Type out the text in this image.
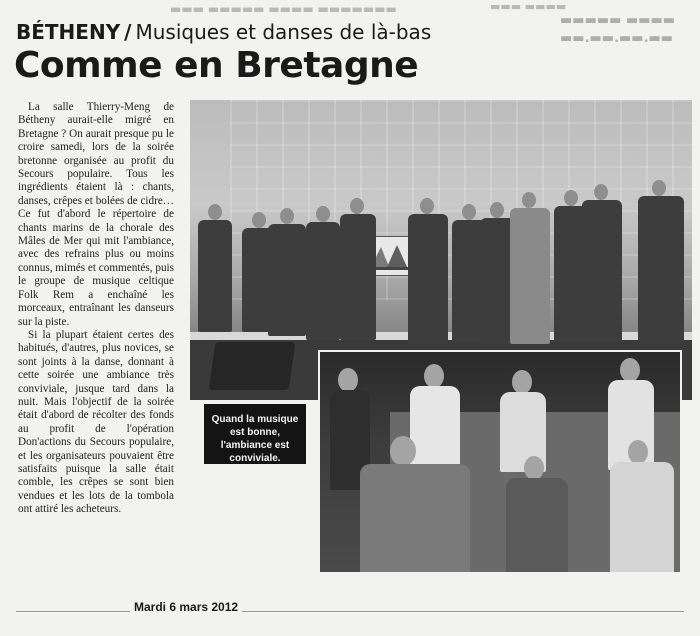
▬▬▬ ▬▬▬▬▬ ▬▬▬▬ ▬▬▬▬▬▬▬	▬▬▬ ▬▬▬▬
▬▬▬▬▬ ▬▬▬▬
▬▬.▬▬.▬▬.▬▬
BÉTHENY / Musiques et danses de là-bas
Comme en Bretagne

La salle Thierry-Meng de Bétheny aurait-elle migré en Bretagne ? On aurait presque pu le croire samedi, lors de la soirée bretonne organisée au profit du Secours populaire. Tous les ingrédients étaient là : chants, danses, crêpes et bolées de cidre… Ce fut d'abord le répertoire de chants marins de la chorale des Mâles de Mer qui mit l'ambiance, avec des refrains plus ou moins connus, mimés et commentés, puis le groupe de musique celtique Folk Rem a enchaîné les morceaux, entraînant les danseurs sur la piste.

Si la plupart étaient certes des habitués, d'autres, plus novices, se sont joints à la danse, donnant à cette soirée une ambiance très conviviale, jusque tard dans la nuit. Mais l'objectif de la soirée était d'abord de récolter des fonds au profit de l'opération Don'actions du Secours populaire, et les organisateurs pouvaient être satisfaits puisque la salle était comble, les crêpes se sont bien vendues et les lots de la tombola ont attiré les acheteurs.

Quand la musique est bonne, l'ambiance est conviviale.
Mardi 6 mars 2012
